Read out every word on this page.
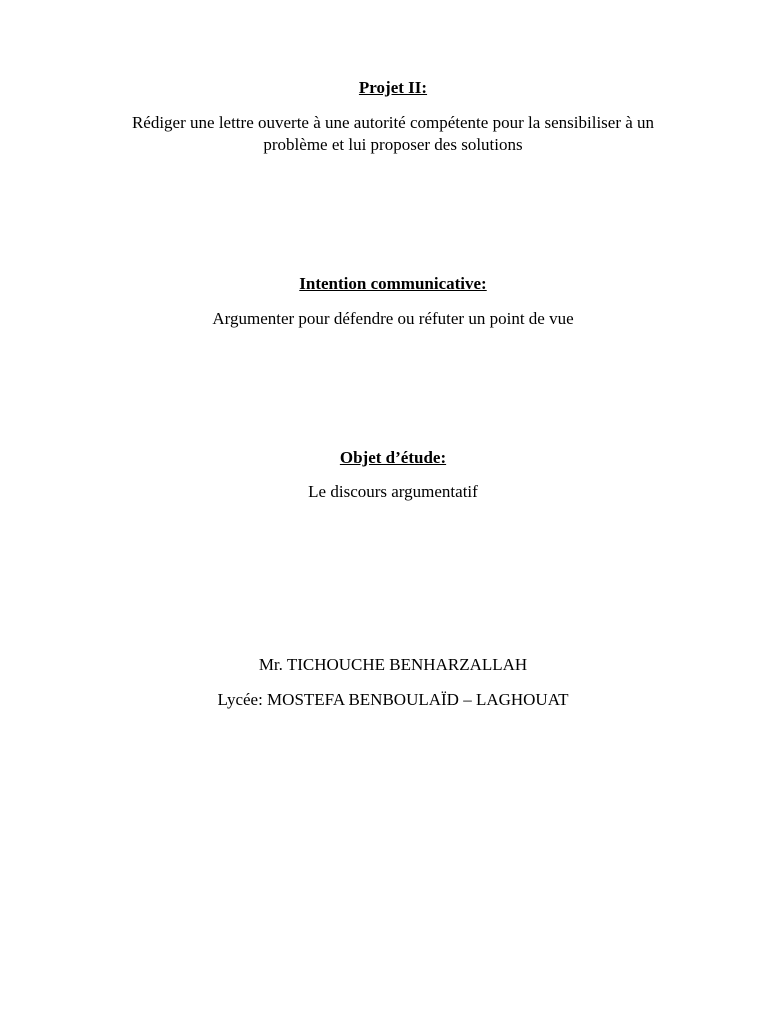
Projet II:
Rédiger une lettre ouverte à une autorité compétente pour la sensibiliser à un problème et lui proposer des solutions
Intention communicative:
Argumenter pour défendre ou réfuter un point de vue
Objet d’étude:
Le discours argumentatif
Mr. TICHOUCHE BENHARZALLAH
Lycée: MOSTEFA BENBOULAÏD – LAGHOUAT
